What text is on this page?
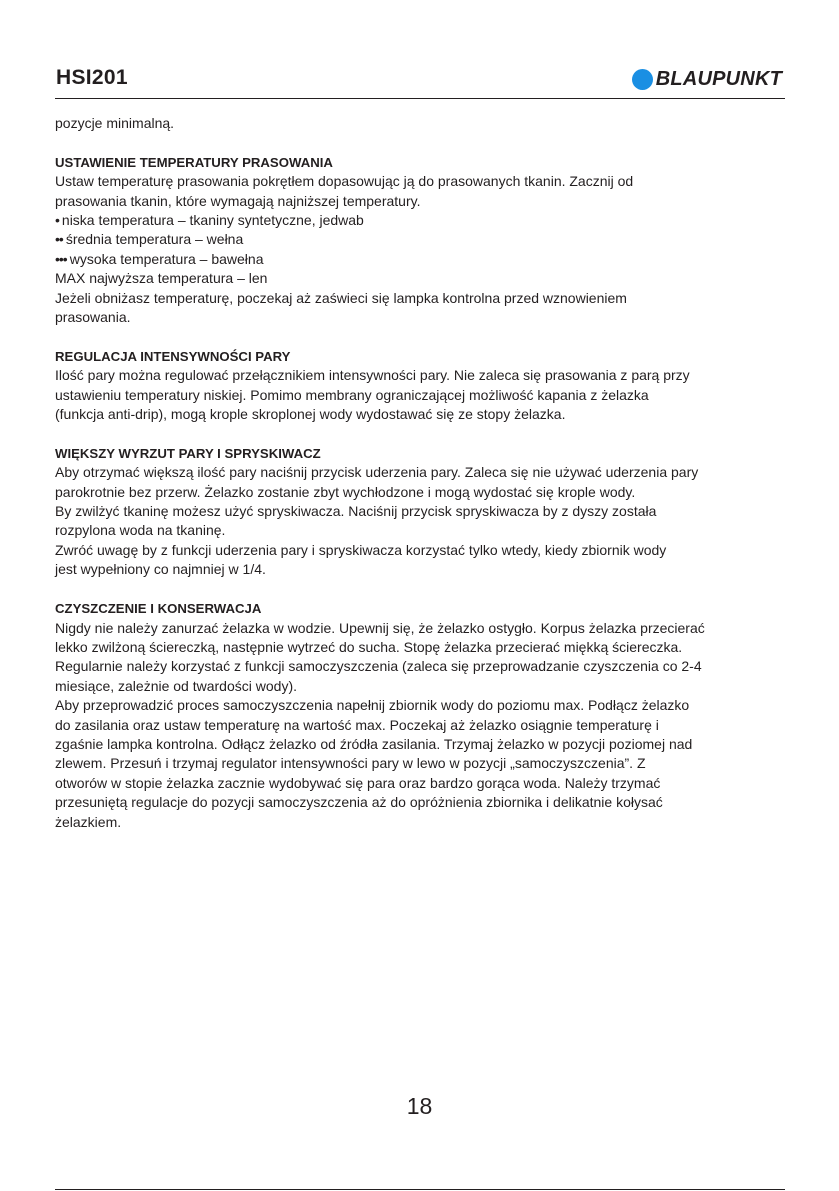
HSI201	BLAUPUNKT

pozycje minimalną.

USTAWIENIE TEMPERATURY PRASOWANIA

Ustaw temperaturę prasowania pokrętłem dopasowując ją do prasowanych tkanin. Zacznij od

prasowania tkanin, które wymagają najniższej temperatury.

• niska temperatura – tkaniny syntetyczne, jedwab

•• średnia temperatura – wełna

••• wysoka temperatura – bawełna

MAX najwyższa temperatura – len

Jeżeli obniżasz temperaturę, poczekaj aż zaświeci się lampka kontrolna przed wznowieniem

prasowania.

REGULACJA INTENSYWNOŚCI PARY

Ilość pary można regulować przełącznikiem intensywności pary. Nie zaleca się prasowania z parą przy

ustawieniu temperatury niskiej. Pomimo membrany ograniczającej możliwość kapania z żelazka

(funkcja anti-drip), mogą krople skroplonej wody wydostawać się ze stopy żelazka.

WIĘKSZY WYRZUT PARY I SPRYSKIWACZ

Aby otrzymać większą ilość pary naciśnij przycisk uderzenia pary. Zaleca się nie używać uderzenia pary

parokrotnie bez przerw. Żelazko zostanie zbyt wychłodzone i mogą wydostać się krople wody.

By zwilżyć tkaninę możesz użyć spryskiwacza. Naciśnij przycisk spryskiwacza by z dyszy została

rozpylona woda na tkaninę.

Zwróć uwagę by z funkcji uderzenia pary i spryskiwacza korzystać tylko wtedy, kiedy zbiornik wody

jest wypełniony co najmniej w 1/4.

CZYSZCZENIE I KONSERWACJA

Nigdy nie należy zanurzać żelazka w wodzie. Upewnij się, że żelazko ostygło. Korpus żelazka przecierać

lekko zwilżoną ściereczką, następnie wytrzeć do sucha. Stopę żelazka przecierać miękką ściereczka.

Regularnie należy korzystać z funkcji samoczyszczenia (zaleca się przeprowadzanie czyszczenia co 2-4

miesiące, zależnie od twardości wody).

Aby przeprowadzić proces samoczyszczenia napełnij zbiornik wody do poziomu max. Podłącz żelazko

do zasilania oraz ustaw temperaturę na wartość max. Poczekaj aż żelazko osiągnie temperaturę i

zgaśnie lampka kontrolna. Odłącz żelazko od źródła zasilania. Trzymaj żelazko w pozycji poziomej nad

zlewem. Przesuń i trzymaj regulator intensywności pary w lewo w pozycji „samoczyszczenia”. Z

otworów w stopie żelazka zacznie wydobywać się para oraz bardzo gorąca woda. Należy trzymać

przesuniętą regulacje do pozycji samoczyszczenia aż do opróżnienia zbiornika i delikatnie kołysać

żelazkiem.

18
